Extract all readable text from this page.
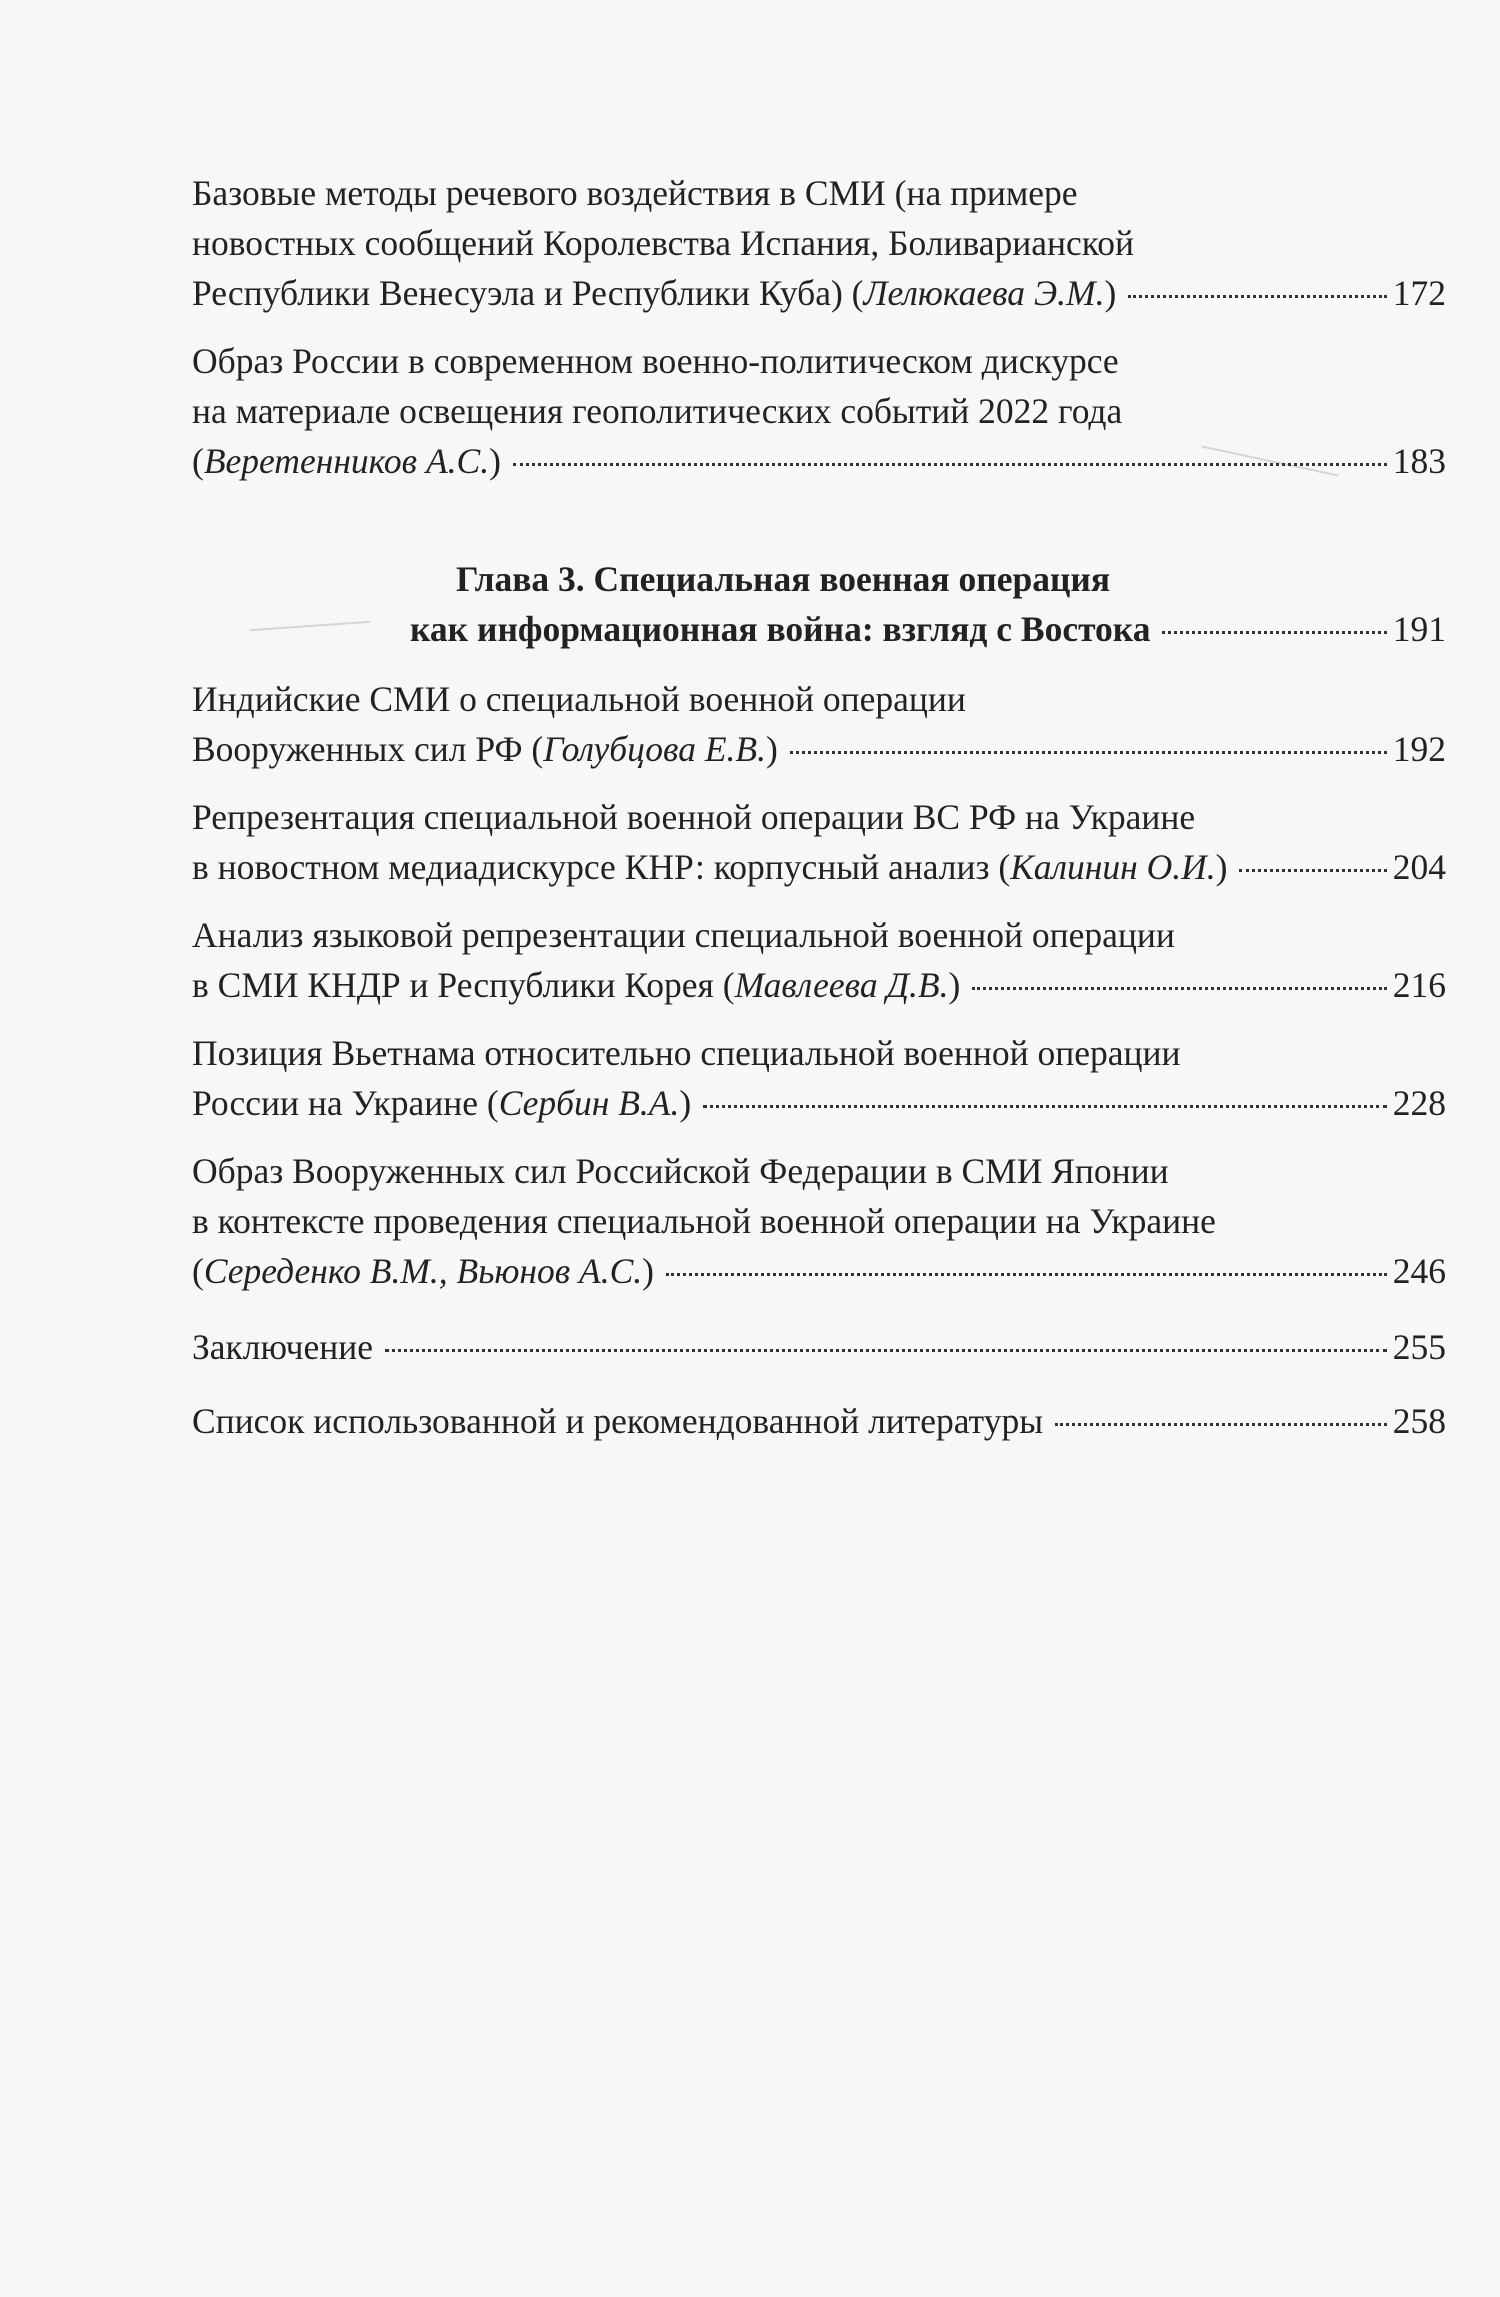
Базовые методы речевого воздействия в СМИ (на примере
новостных сообщений Королевства Испания, Боливарианской
Республики Венесуэла и Республики Куба) (Лелюкаева Э.М.)	172
Образ России в современном военно-политическом дискурсе
на материале освещения геополитических событий 2022 года
(Веретенников А.С.)	183
Глава 3. Специальная военная операция
как информационная война: взгляд с Востока	191
Индийские СМИ о специальной военной операции
Вооруженных сил РФ (Голубцова Е.В.)	192
Репрезентация специальной военной операции ВС РФ на Украине
в новостном медиадискурсе КНР: корпусный анализ (Калинин О.И.)	204
Анализ языковой репрезентации специальной военной операции
в СМИ КНДР и Республики Корея (Мавлеева Д.В.)	216
Позиция Вьетнама относительно специальной военной операции
России на Украине (Сербин В.А.)	228
Образ Вооруженных сил Российской Федерации в СМИ Японии
в контексте проведения специальной военной операции на Украине
(Середенко В.М., Вьюнов А.С.)	246
Заключение	255
Список использованной и рекомендованной литературы	258
